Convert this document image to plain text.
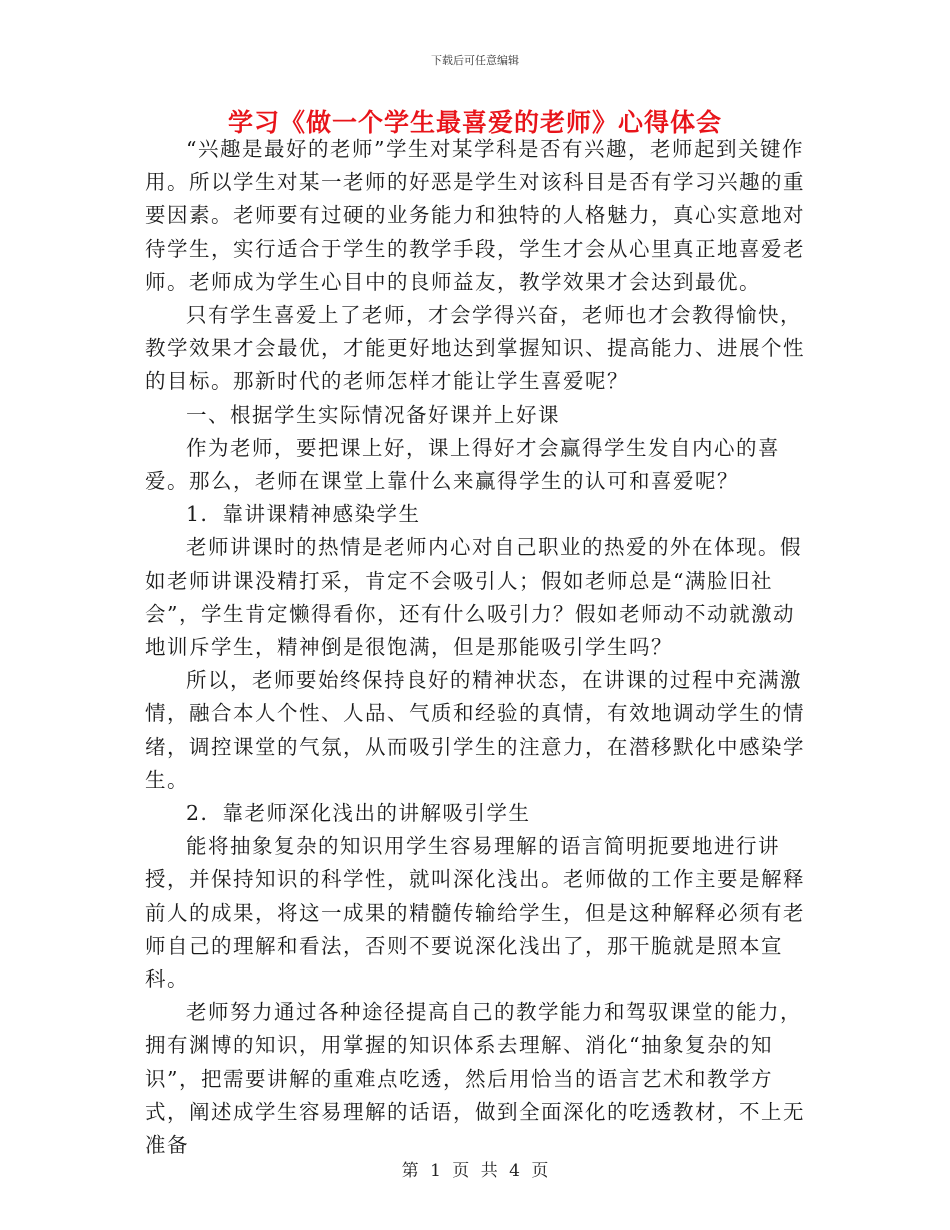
下载后可任意编辑
学习《做一个学生最喜爱的老师》心得体会

“兴趣是最好的老师”学生对某学科是否有兴趣，老师起到关键作用。所以学生对某一老师的好恶是学生对该科目是否有学习兴趣的重要因素。老师要有过硬的业务能力和独特的人格魅力，真心实意地对待学生，实行适合于学生的教学手段，学生才会从心里真正地喜爱老师。老师成为学生心目中的良师益友，教学效果才会达到最优。

只有学生喜爱上了老师，才会学得兴奋，老师也才会教得愉快，教学效果才会最优，才能更好地达到掌握知识、提高能力、进展个性的目标。那新时代的老师怎样才能让学生喜爱呢？

一、根据学生实际情况备好课并上好课

作为老师，要把课上好，课上得好才会赢得学生发自内心的喜爱。那么，老师在课堂上靠什么来赢得学生的认可和喜爱呢？

1．靠讲课精神感染学生

老师讲课时的热情是老师内心对自己职业的热爱的外在体现。假如老师讲课没精打采，肯定不会吸引人；假如老师总是“满脸旧社会”，学生肯定懒得看你，还有什么吸引力？假如老师动不动就激动地训斥学生，精神倒是很饱满，但是那能吸引学生吗？

所以，老师要始终保持良好的精神状态，在讲课的过程中充满激情，融合本人个性、人品、气质和经验的真情，有效地调动学生的情绪，调控课堂的气氛，从而吸引学生的注意力，在潜移默化中感染学生。

2．靠老师深化浅出的讲解吸引学生

能将抽象复杂的知识用学生容易理解的语言简明扼要地进行讲授，并保持知识的科学性，就叫深化浅出。老师做的工作主要是解释前人的成果，将这一成果的精髓传输给学生，但是这种解释必须有老师自己的理解和看法，否则不要说深化浅出了，那干脆就是照本宣科。

老师努力通过各种途径提高自己的教学能力和驾驭课堂的能力，拥有渊博的知识，用掌握的知识体系去理解、消化“抽象复杂的知识”，把需要讲解的重难点吃透，然后用恰当的语言艺术和教学方式，阐述成学生容易理解的话语，做到全面深化的吃透教材，不上无准备

第 1 页 共 4 页
